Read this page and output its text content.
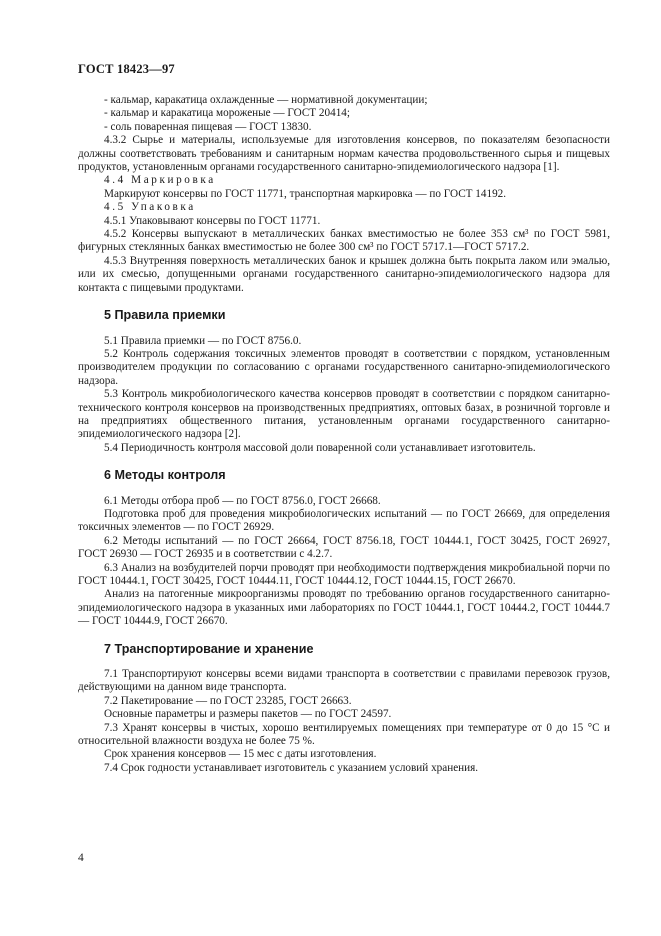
ГОСТ 18423—97

- кальмар, каракатица охлажденные — нормативной документации;

- кальмар и каракатица мороженые — ГОСТ 20414;

- соль поваренная пищевая — ГОСТ 13830.

4.3.2 Сырье и материалы, используемые для изготовления консервов, по показателям безопасности должны соответствовать требованиям и санитарным нормам качества продовольственного сырья и пищевых продуктов, установленным органами государственного санитарно-эпидемиологического надзора [1].

4.4 Маркировка

Маркируют консервы по ГОСТ 11771, транспортная маркировка — по ГОСТ 14192.

4.5 Упаковка

4.5.1 Упаковывают консервы по ГОСТ 11771.

4.5.2 Консервы выпускают в металлических банках вместимостью не более 353 см³ по ГОСТ 5981, фигурных стеклянных банках вместимостью не более 300 см³ по ГОСТ 5717.1—ГОСТ 5717.2.

4.5.3 Внутренняя поверхность металлических банок и крышек должна быть покрыта лаком или эмалью, или их смесью, допущенными органами государственного санитарно-эпидемиологического надзора для контакта с пищевыми продуктами.

5 Правила приемки

5.1 Правила приемки — по ГОСТ 8756.0.

5.2 Контроль содержания токсичных элементов проводят в соответствии с порядком, установленным производителем продукции по согласованию с органами государственного санитарно-эпидемиологического надзора.

5.3 Контроль микробиологического качества консервов проводят в соответствии с порядком санитарно-технического контроля консервов на производственных предприятиях, оптовых базах, в розничной торговле и на предприятиях общественного питания, установленным органами государственного санитарно-эпидемиологического надзора [2].

5.4 Периодичность контроля массовой доли поваренной соли устанавливает изготовитель.

6 Методы контроля

6.1 Методы отбора проб — по ГОСТ 8756.0, ГОСТ 26668.

Подготовка проб для проведения микробиологических испытаний — по ГОСТ 26669, для определения токсичных элементов — по ГОСТ 26929.

6.2 Методы испытаний — по ГОСТ 26664, ГОСТ 8756.18, ГОСТ 10444.1, ГОСТ 30425, ГОСТ 26927, ГОСТ 26930 — ГОСТ 26935 и в соответствии с 4.2.7.

6.3 Анализ на возбудителей порчи проводят при необходимости подтверждения микробиальной порчи по ГОСТ 10444.1, ГОСТ 30425, ГОСТ 10444.11, ГОСТ 10444.12, ГОСТ 10444.15, ГОСТ 26670.

Анализ на патогенные микроорганизмы проводят по требованию органов государственного санитарно-эпидемиологического надзора в указанных ими лабораториях по ГОСТ 10444.1, ГОСТ 10444.2, ГОСТ 10444.7 — ГОСТ 10444.9, ГОСТ 26670.

7 Транспортирование и хранение

7.1 Транспортируют консервы всеми видами транспорта в соответствии с правилами перевозок грузов, действующими на данном виде транспорта.

7.2 Пакетирование — по ГОСТ 23285, ГОСТ 26663.

Основные параметры и размеры пакетов — по ГОСТ 24597.

7.3 Хранят консервы в чистых, хорошо вентилируемых помещениях при температуре от 0 до 15 °С и относительной влажности воздуха не более 75 %.

Срок хранения консервов — 15 мес с даты изготовления.

7.4 Срок годности устанавливает изготовитель с указанием условий хранения.

4
